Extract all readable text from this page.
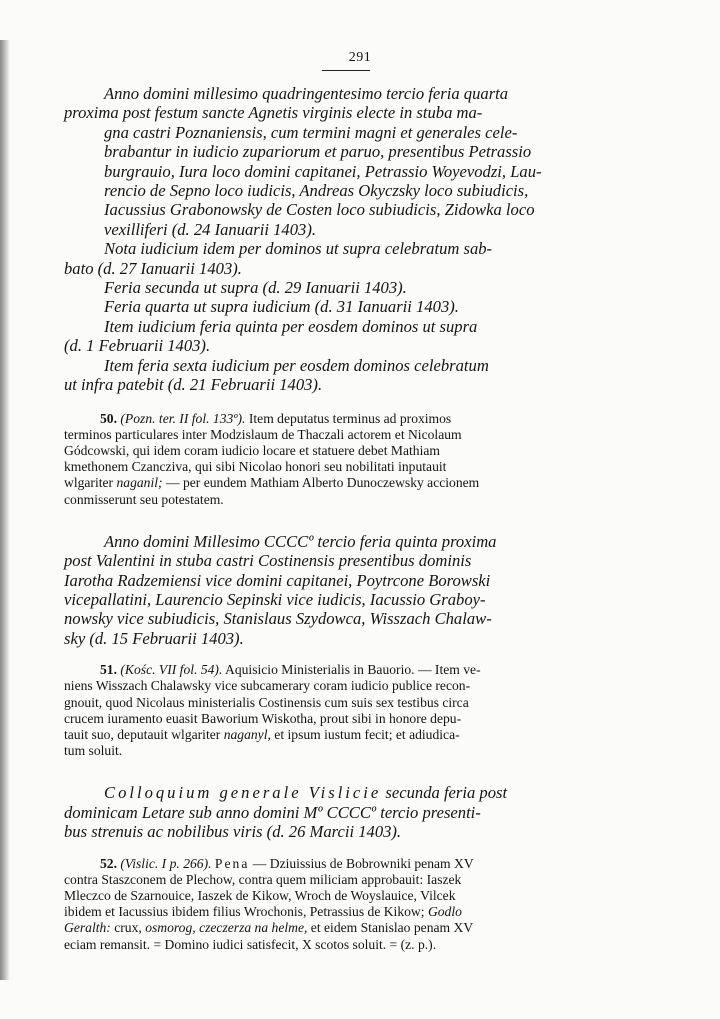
291

Anno domini millesimo quadringentesimo tercio feria quarta
proxima post festum sancte Agnetis virginis electe in stuba ma-
gna castri Poznaniensis, cum termini magni et generales cele-
brabantur in iudicio zupariorum et paruo, presentibus Petrassio
burgrauio, Iura loco domini capitanei, Petrassio Woyevodzi, Lau-
rencio de Sepno loco iudicis, Andreas Okyczsky loco subiudicis,
Iacussius Grabonowsky de Costen loco subiudicis, Zidowka loco
vexilliferi (d. 24 Ianuarii 1403).

Nota iudicium idem per dominos ut supra celebratum sab-
bato (d. 27 Ianuarii 1403).

Feria secunda ut supra (d. 29 Ianuarii 1403).

Feria quarta ut supra iudicium (d. 31 Ianuarii 1403).

Item iudicium feria quinta per eosdem dominos ut supra
(d. 1 Februarii 1403).

Item feria sexta iudicium per eosdem dominos celebratum
ut infra patebit (d. 21 Februarii 1403).

50. (Pozn. ter. II fol. 133º). Item deputatus terminus ad proximos
terminos particulares inter Modzislaum de Thaczali actorem et Nicolaum
Gódcowski, qui idem coram iudicio locare et statuere debet Mathiam
kmethonem Czancziva, qui sibi Nicolao honori seu nobilitati inputauit
wlgariter naganil; — per eundem Mathiam Alberto Dunoczewsky accionem
conmisserunt seu potestatem.

Anno domini Millesimo CCCCº tercio feria quinta proxima
post Valentini in stuba castri Costinensis presentibus dominis
Iarotha Radzemiensi vice domini capitanei, Poytrcone Borowski
vicepallatini, Laurencio Sepinski vice iudicis, Iacussio Graboy-
nowsky vice subiudicis, Stanislaus Szydowca, Wisszach Chalaw-
sky (d. 15 Februarii 1403).

51. (Kośc. VII fol. 54). Aquisicio Ministerialis in Bauorio. — Item ve-
niens Wisszach Chalawsky vice subcamerary coram iudicio publice recon-
gnouit, quod Nicolaus ministerialis Costinensis cum suis sex testibus circa
crucem iuramento euasit Baworium Wiskotha, prout sibi in honore depu-
tauit suo, deputauit wlgariter naganyl, et ipsum iustum fecit; et adiudica-
tum soluit.

Colloquium generale Vislicie secunda feria post
dominicam Letare sub anno domini Mº CCCCº tercio presenti-
bus strenuis ac nobilibus viris (d. 26 Marcii 1403).

52. (Vislic. I p. 266). Pena — Dziuissius de Bobrowniki penam XV
contra Staszconem de Plechow, contra quem miliciam approbauit: Iaszek
Mleczco de Szarnouice, Iaszek de Kikow, Wroch de Woyslauice, Vilcek
ibidem et Iacussius ibidem filius Wrochonis, Petrassius de Kikow; Godlo
Geralth: crux, osmorog, czeczerza na helme, et eidem Stanislao penam XV
eciam remansit. = Domino iudici satisfecit, X scotos soluit. = (z. p.).
